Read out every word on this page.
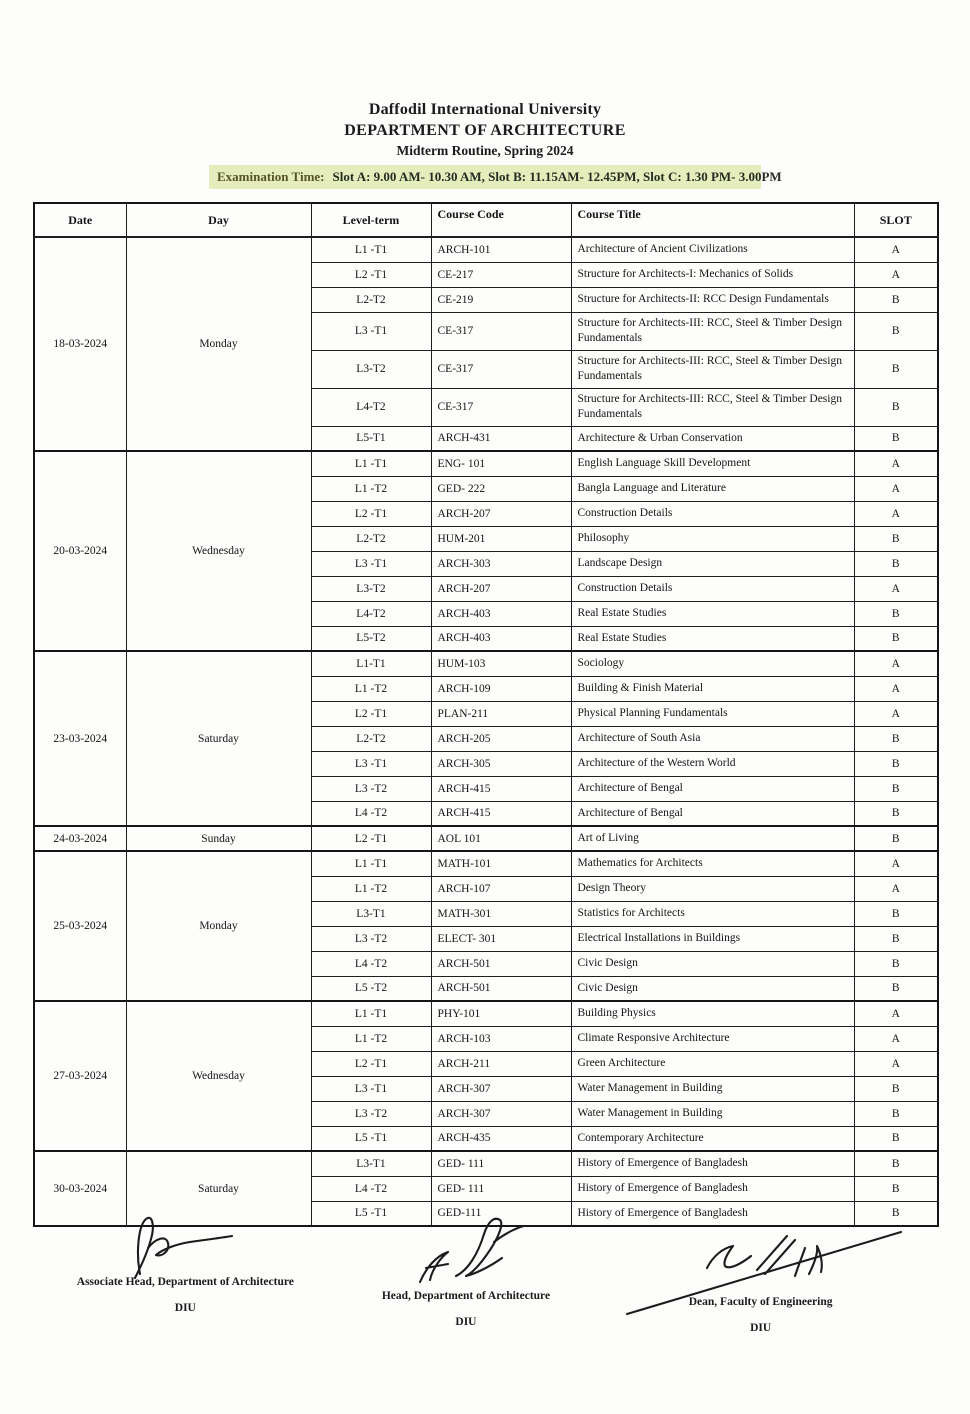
Daffodil International University
DEPARTMENT OF ARCHITECTURE
Midterm Routine, Spring 2024
Examination Time: Slot A: 9.00 AM- 10.30 AM, Slot B: 11.15AM- 12.45PM, Slot C: 1.30 PM- 3.00PM
Date	Day	Level-term	Course Code	Course Title	SLOT
18-03-2024	Monday	L1 -T1	ARCH-101	Architecture of Ancient Civilizations	A
		L2 -T1	CE-217	Structure for Architects-I: Mechanics of Solids	A
		L2-T2	CE-219	Structure for Architects-II: RCC Design Fundamentals	B
		L3 -T1	CE-317	Structure for Architects-III: RCC, Steel & Timber Design Fundamentals	B
		L3-T2	CE-317	Structure for Architects-III: RCC, Steel & Timber Design Fundamentals	B
		L4-T2	CE-317	Structure for Architects-III: RCC, Steel & Timber Design Fundamentals	B
		L5-T1	ARCH-431	Architecture & Urban Conservation	B
20-03-2024	Wednesday	L1 -T1	ENG- 101	English Language Skill Development	A
		L1 -T2	GED- 222	Bangla Language and Literature	A
		L2 -T1	ARCH-207	Construction Details	A
		L2-T2	HUM-201	Philosophy	B
		L3 -T1	ARCH-303	Landscape Design	B
		L3-T2	ARCH-207	Construction Details	A
		L4-T2	ARCH-403	Real Estate Studies	B
		L5-T2	ARCH-403	Real Estate Studies	B
23-03-2024	Saturday	L1-T1	HUM-103	Sociology	A
		L1 -T2	ARCH-109	Building & Finish Material	A
		L2 -T1	PLAN-211	Physical Planning Fundamentals	A
		L2-T2	ARCH-205	Architecture of South Asia	B
		L3 -T1	ARCH-305	Architecture of the Western World	B
		L3 -T2	ARCH-415	Architecture of Bengal	B
		L4 -T2	ARCH-415	Architecture of Bengal	B
24-03-2024	Sunday	L2 -T1	AOL 101	Art of Living	B
25-03-2024	Monday	L1 -T1	MATH-101	Mathematics for Architects	A
		L1 -T2	ARCH-107	Design Theory	A
		L3-T1	MATH-301	Statistics for Architects	B
		L3 -T2	ELECT- 301	Electrical Installations in Buildings	B
		L4 -T2	ARCH-501	Civic Design	B
		L5 -T2	ARCH-501	Civic Design	B
27-03-2024	Wednesday	L1 -T1	PHY-101	Building Physics	A
		L1 -T2	ARCH-103	Climate Responsive Architecture	A
		L2 -T1	ARCH-211	Green Architecture	A
		L3 -T1	ARCH-307	Water Management in Building	B
		L3 -T2	ARCH-307	Water Management in Building	B
		L5 -T1	ARCH-435	Contemporary Architecture	B
30-03-2024	Saturday	L3-T1	GED- 111	History of Emergence of Bangladesh	B
		L4 -T2	GED- 111	History of Emergence of Bangladesh	B
		L5 -T1	GED-111	History of Emergence of Bangladesh	B
Associate Head, Department of Architecture
DIU
Head, Department of Architecture
DIU
Dean, Faculty of Engineering
DIU
